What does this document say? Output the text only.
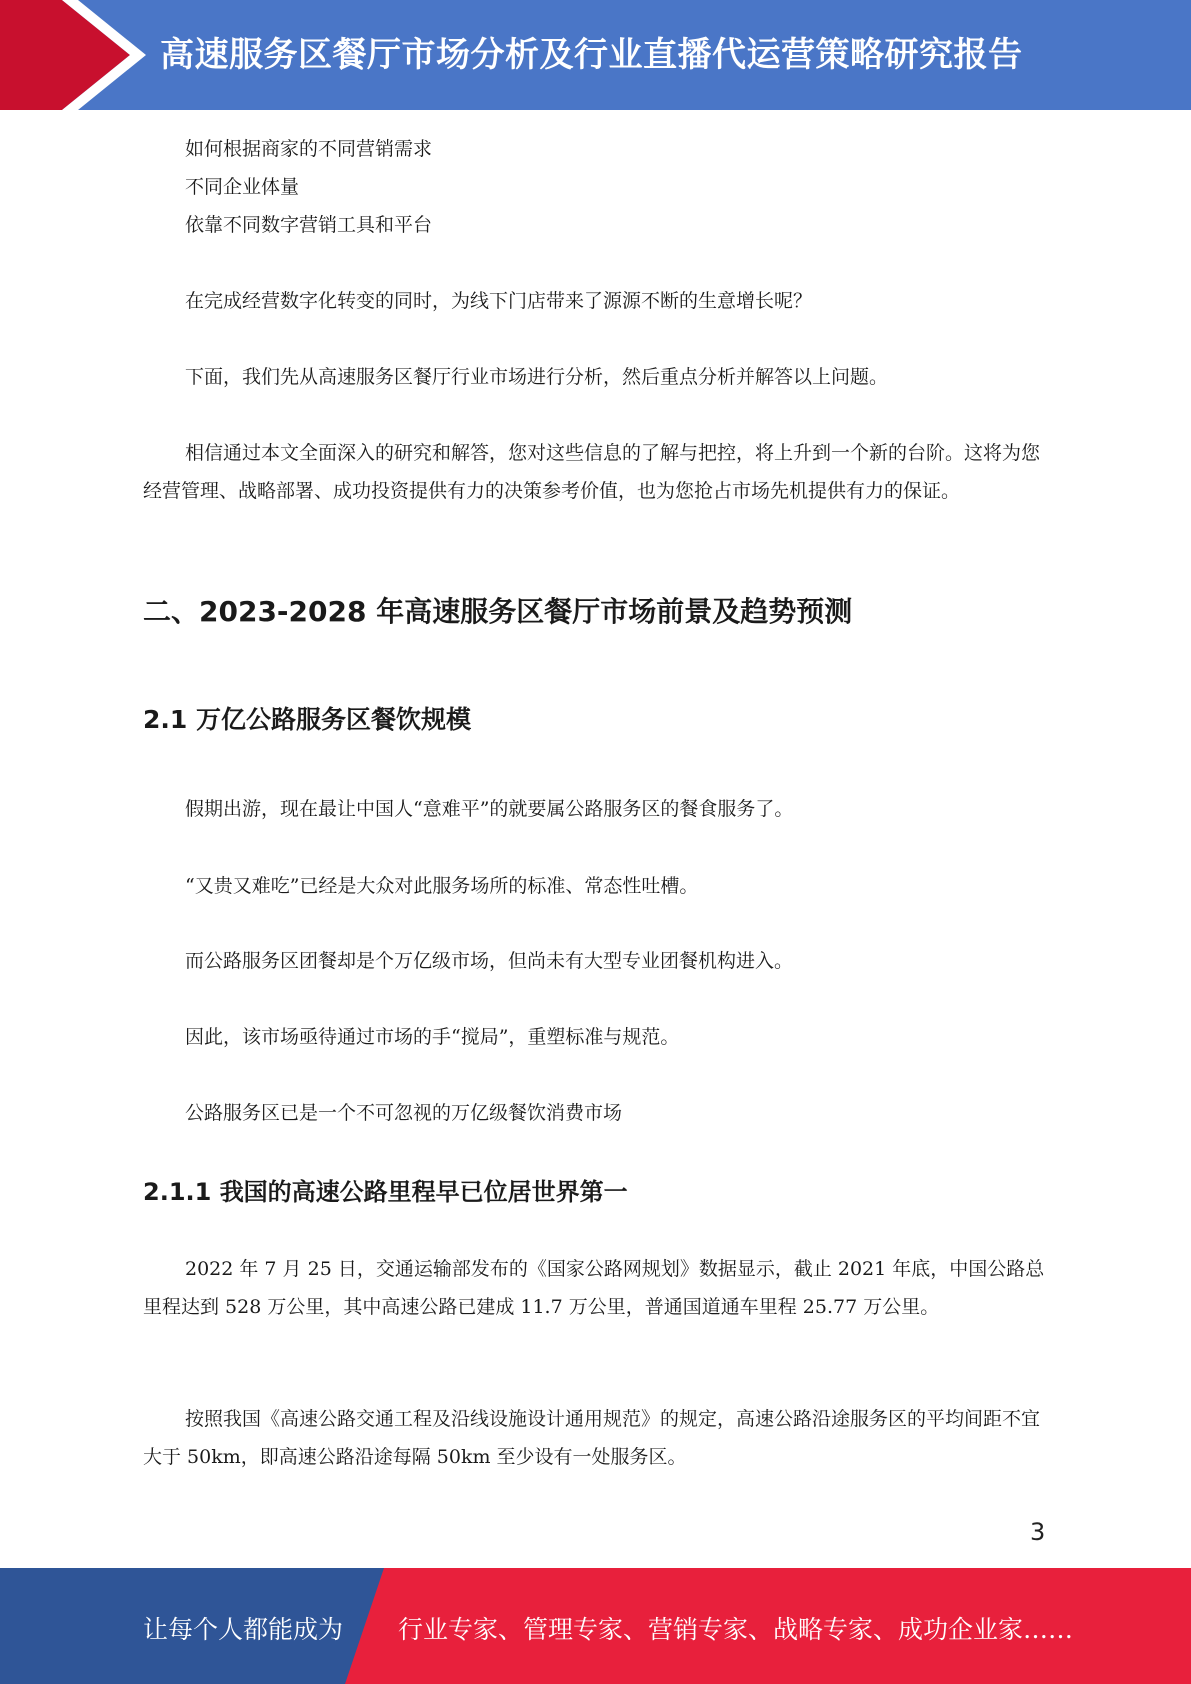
高速服务区餐厅市场分析及行业直播代运营策略研究报告

如何根据商家的不同营销需求

不同企业体量

依靠不同数字营销工具和平台

在完成经营数字化转变的同时，为线下门店带来了源源不断的生意增长呢？

下面，我们先从高速服务区餐厅行业市场进行分析，然后重点分析并解答以上问题。

相信通过本文全面深入的研究和解答，您对这些信息的了解与把控，将上升到一个新的台阶。这将为您经营管理、战略部署、成功投资提供有力的决策参考价值，也为您抢占市场先机提供有力的保证。

二、2023-2028 年高速服务区餐厅市场前景及趋势预测
2.1 万亿公路服务区餐饮规模

假期出游，现在最让中国人“意难平”的就要属公路服务区的餐食服务了。

“又贵又难吃”已经是大众对此服务场所的标准、常态性吐槽。

而公路服务区团餐却是个万亿级市场，但尚未有大型专业团餐机构进入。

因此，该市场亟待通过市场的手“搅局”，重塑标准与规范。

公路服务区已是一个不可忽视的万亿级餐饮消费市场

2.1.1 我国的高速公路里程早已位居世界第一

2022 年 7 月 25 日，交通运输部发布的《国家公路网规划》数据显示，截止 2021 年底，中国公路总里程达到 528 万公里，其中高速公路已建成 11.7 万公里，普通国道通车里程 25.77 万公里。

按照我国《高速公路交通工程及沿线设施设计通用规范》的规定，高速公路沿途服务区的平均间距不宜大于 50km，即高速公路沿途每隔 50km 至少设有一处服务区。

3
让每个人都能成为 行业专家、管理专家、营销专家、战略专家、成功企业家……
